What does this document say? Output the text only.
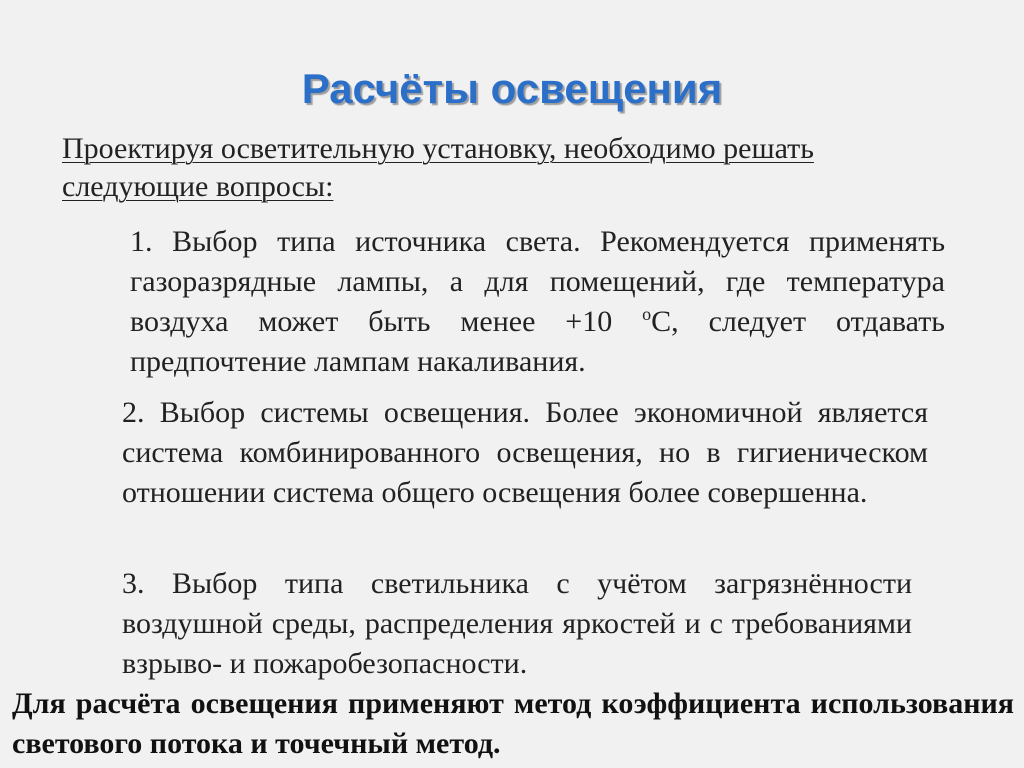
Расчёты освещения
Проектируя осветительную установку, необходимо решать следующие вопросы:
1. Выбор типа источника света. Рекомендуется применять газоразрядные лампы, а для помещений, где температура воздуха может быть менее +10 $^o$С, следует отдавать предпочтение лампам накаливания.
2. Выбор системы освещения. Более экономичной является система комбинированного освещения, но в гигиеническом отношении система общего освещения более совершенна.
3. Выбор типа светильника с учётом загрязнённости воздушной среды, распределения яркостей и с требованиями взрыво- и пожаробезопасности.
Для расчёта освещения применяют метод коэффициента использования светового потока и точечный метод.
